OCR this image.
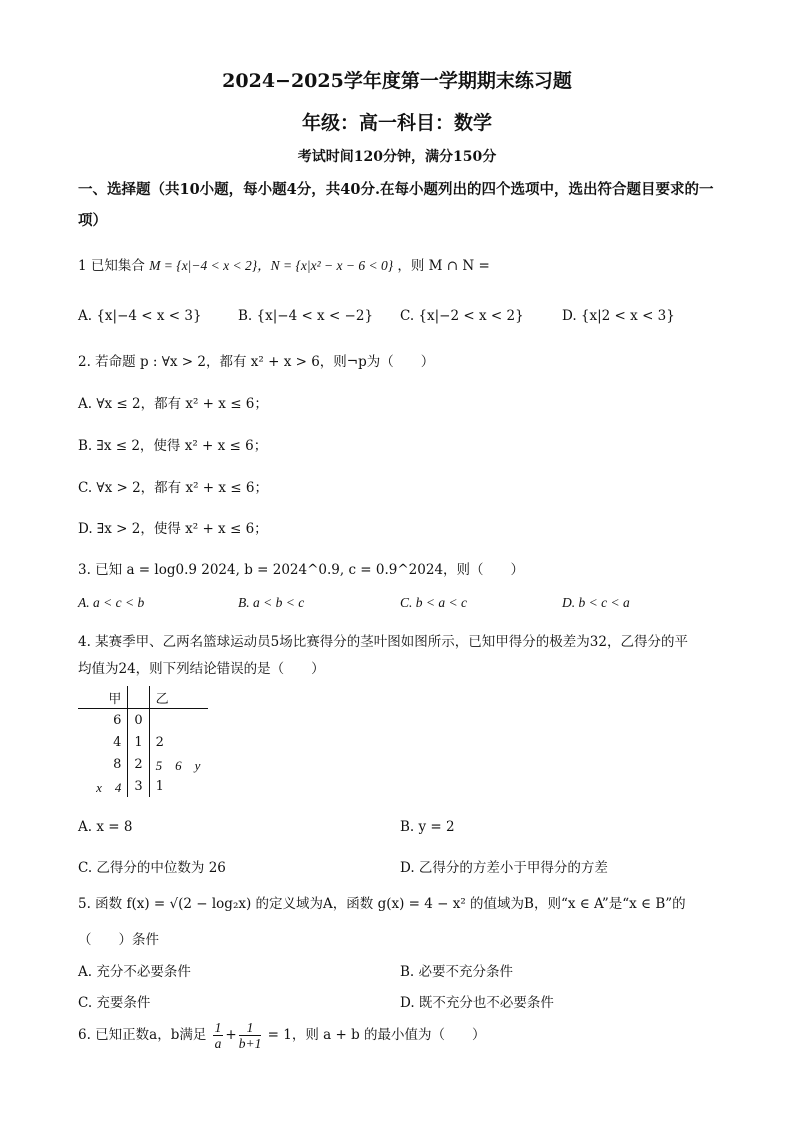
2024−2025学年度第一学期期末练习题
年级：高一科目：数学
考试时间120分钟，满分150分
一、选择题（共10小题，每小题4分，共40分.在每小题列出的四个选项中，选出符合题目要求的一项）
1 已知集合 M = {x|−4 < x < 2}，N = {x|x² − x − 6 < 0} ，则 M ∩ N =
A. {x|−4 < x < 3}	B. {x|−4 < x < −2} C. {x|−2 < x < 2}	D. {x|2 < x < 3}
2. 若命题 p : ∀x > 2，都有 x² + x > 6，则¬p为（　　）
A. ∀x ≤ 2，都有 x² + x ≤ 6；
B. ∃x ≤ 2，使得 x² + x ≤ 6；
C. ∀x > 2，都有 x² + x ≤ 6；
D. ∃x > 2，使得 x² + x ≤ 6；
3. 已知 a = log0.9 2024, b = 2024^0.9, c = 0.9^2024，则（　　）
A. a < c < b	B. a < b < c	C. b < a < c	D. b < c < a
4. 某赛季甲、乙两名篮球运动员5场比赛得分的茎叶图如图所示，已知甲得分的极差为32，乙得分的平
均值为24，则下列结论错误的是（　　）
甲		乙
6	0	
4	1	2
8	2	5　6　y
x　4	3	1
A. x = 8	B. y = 2
C. 乙得分的中位数为 26	D. 乙得分的方差小于甲得分的方差
5. 函数 f(x) = √(2 − log₂x) 的定义域为A，函数 g(x) = 4 − x² 的值域为B，则“x ∈ A”是“x ∈ B”的
（　　）条件
A. 充分不必要条件	B. 必要不充分条件
C. 充要条件	D. 既不充分也不必要条件
6. 已知正数a，b满足 $\frac{1}{a} + \frac{1}{b+1} = 1$，则 a + b 的最小值为（　　）
